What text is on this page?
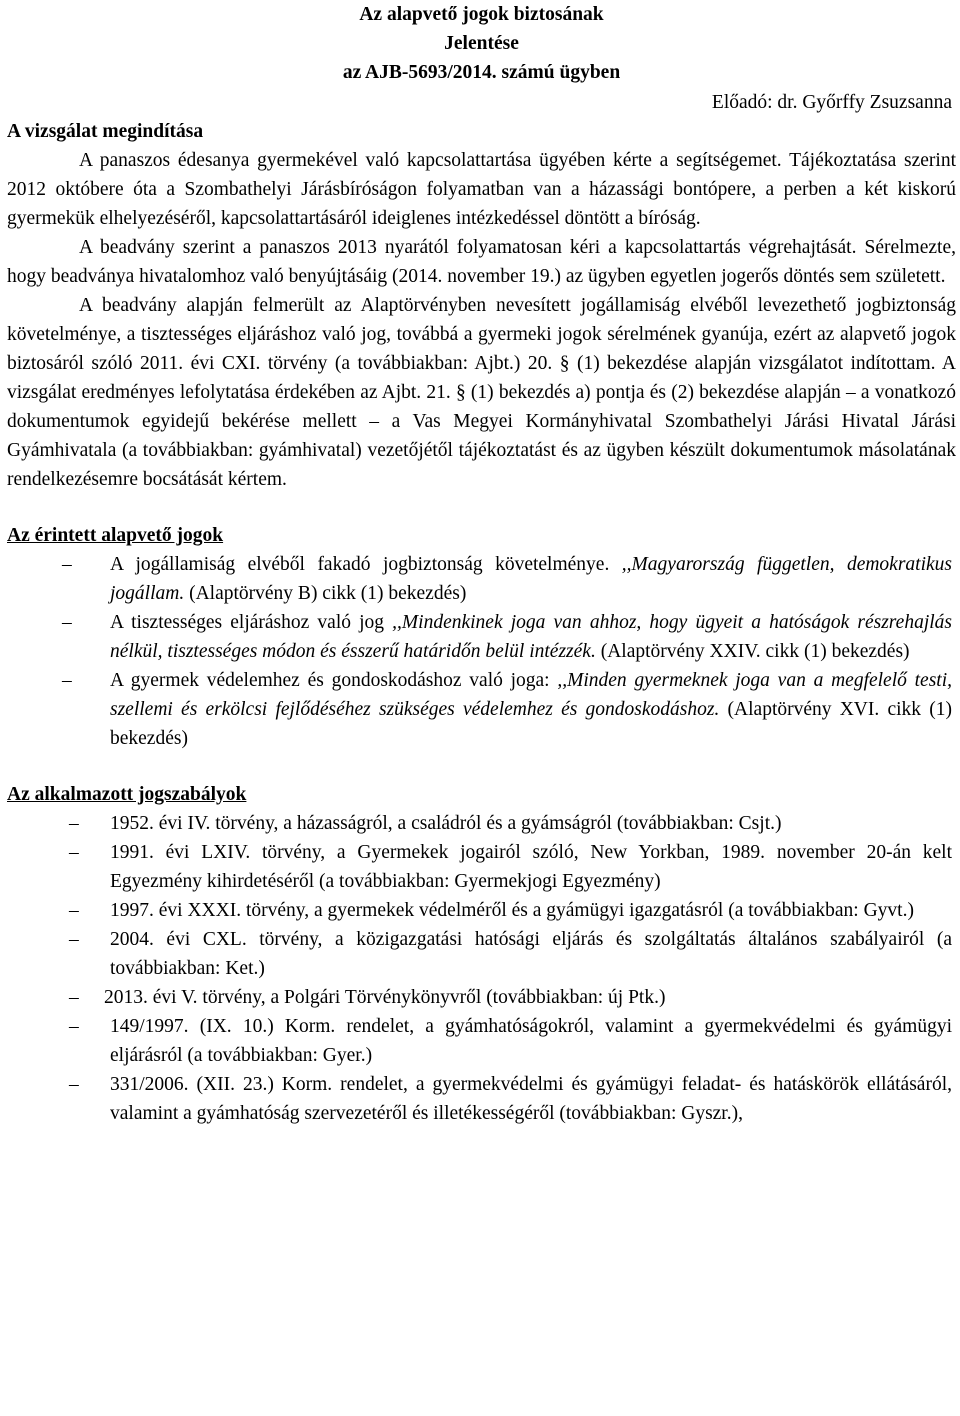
Az alapvető jogok biztosának

Jelentése

az AJB-5693/2014. számú ügyben

Előadó: dr. Győrffy Zsuzsanna

A vizsgálat megindítása

A panaszos édesanya gyermekével való kapcsolattartása ügyében kérte a segítségemet. Tájékoztatása szerint 2012 októbere óta a Szombathelyi Járásbíróságon folyamatban van a házassági bontópere, a perben a két kiskorú gyermekük elhelyezéséről, kapcsolattartásáról ideiglenes intézkedéssel döntött a bíróság.

A beadvány szerint a panaszos 2013 nyarától folyamatosan kéri a kapcsolattartás végrehajtását. Sérelmezte, hogy beadványa hivatalomhoz való benyújtásáig (2014. november 19.) az ügyben egyetlen jogerős döntés sem született.

A beadvány alapján felmerült az Alaptörvényben nevesített jogállamiság elvéből levezethető jogbiztonság követelménye, a tisztességes eljáráshoz való jog, továbbá a gyermeki jogok sérelmének gyanúja, ezért az alapvető jogok biztosáról szóló 2011. évi CXI. törvény (a továbbiakban: Ajbt.) 20. § (1) bekezdése alapján vizsgálatot indítottam. A vizsgálat eredményes lefolytatása érdekében az Ajbt. 21. § (1) bekezdés a) pontja és (2) bekezdése alapján – a vonatkozó dokumentumok egyidejű bekérése mellett – a Vas Megyei Kormányhivatal Szombathelyi Járási Hivatal Járási Gyámhivatala (a továbbiakban: gyámhivatal) vezetőjétől tájékoztatást és az ügyben készült dokumentumok másolatának rendelkezésemre bocsátását kértem.

Az érintett alapvető jogok

– A jogállamiság elvéből fakadó jogbiztonság követelménye. ,,Magyarország független, demokratikus jogállam. (Alaptörvény B) cikk (1) bekezdés)
– A tisztességes eljáráshoz való jog ,,Mindenkinek joga van ahhoz, hogy ügyeit a hatóságok részrehajlás nélkül, tisztességes módon és ésszerű határidőn belül intézzék. (Alaptörvény XXIV. cikk (1) bekezdés)
– A gyermek védelemhez és gondoskodáshoz való joga: ,,Minden gyermeknek joga van a megfelelő testi, szellemi és erkölcsi fejlődéséhez szükséges védelemhez és gondoskodáshoz. (Alaptörvény XVI. cikk (1) bekezdés)

Az alkalmazott jogszabályok

– 1952. évi IV. törvény, a házasságról, a családról és a gyámságról (továbbiakban: Csjt.)
– 1991. évi LXIV. törvény, a Gyermekek jogairól szóló, New Yorkban, 1989. november 20-án kelt Egyezmény kihirdetéséről (a továbbiakban: Gyermekjogi Egyezmény)
– 1997. évi XXXI. törvény, a gyermekek védelméről és a gyámügyi igazgatásról (a továbbiakban: Gyvt.)
– 2004. évi CXL. törvény, a közigazgatási hatósági eljárás és szolgáltatás általános szabályairól (a továbbiakban: Ket.)
– 2013. évi V. törvény, a Polgári Törvénykönyvről (továbbiakban: új Ptk.)
– 149/1997. (IX. 10.) Korm. rendelet, a gyámhatóságokról, valamint a gyermekvédelmi és gyámügyi eljárásról (a továbbiakban: Gyer.)
– 331/2006. (XII. 23.) Korm. rendelet, a gyermekvédelmi és gyámügyi feladat- és hatáskörök ellátásáról, valamint a gyámhatóság szervezetéről és illetékességéről (továbbiakban: Gyszr.),
